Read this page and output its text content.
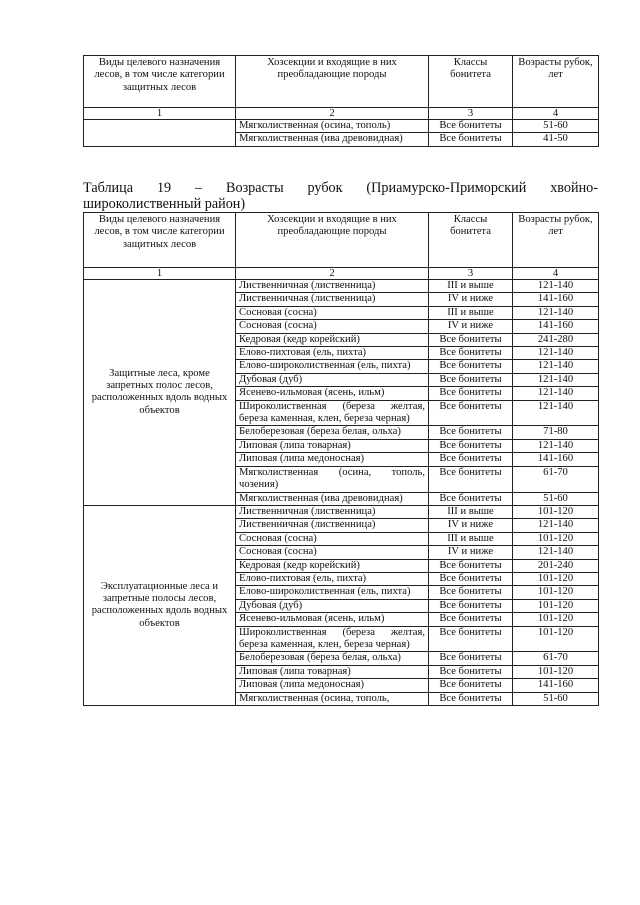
Виды целевого назначения лесов, в том числе категории защитных лесов	Хозсекции и входящие в них преобладающие породы	Классы бонитета	Возрасты рубок, лет
1	2	3	4
	Мягколиственная (осина, тополь)	Все бонитеты	51-60
	Мягколиственная (ива древовидная)	Все бонитеты	41-50

Таблица 19 – Возрасты рубок (Приамурско-Приморский хвойно-

широколиственный район)

Виды целевого назначения лесов, в том числе категории защитных лесов	Хозсекции и входящие в них преобладающие породы	Классы бонитета	Возрасты рубок, лет
1	2	3	4
Защитные леса, кроме запретных полос лесов, расположенных вдоль водных объектов	Лиственничная (лиственница)	III и выше	121-140
	Лиственничная (лиственница)	IV и ниже	141-160
	Сосновая (сосна)	III и выше	121-140
	Сосновая (сосна)	IV и ниже	141-160
	Кедровая (кедр корейский)	Все бонитеты	241-280
	Елово-пихтовая (ель, пихта)	Все бонитеты	121-140
	Елово-широколиственная (ель, пихта)	Все бонитеты	121-140
	Дубовая (дуб)	Все бонитеты	121-140
	Ясенево-ильмовая (ясень, ильм)	Все бонитеты	121-140
	Широколиственная (береза желтая, береза каменная, клен, береза черная)	Все бонитеты	121-140
	Белоберезовая (береза белая, ольха)	Все бонитеты	71-80
	Липовая (липа товарная)	Все бонитеты	121-140
	Липовая (липа медоносная)	Все бонитеты	141-160
	Мягколиственная (осина, тополь, чозения)	Все бонитеты	61-70
	Мягколиственная (ива древовидная)	Все бонитеты	51-60
Эксплуатационные леса и запретные полосы лесов, расположенных вдоль водных объектов	Лиственничная (лиственница)	III и выше	101-120
	Лиственничная (лиственница)	IV и ниже	121-140
	Сосновая (сосна)	III и выше	101-120
	Сосновая (сосна)	IV и ниже	121-140
	Кедровая (кедр корейский)	Все бонитеты	201-240
	Елово-пихтовая (ель, пихта)	Все бонитеты	101-120
	Елово-широколиственная (ель, пихта)	Все бонитеты	101-120
	Дубовая (дуб)	Все бонитеты	101-120
	Ясенево-ильмовая (ясень, ильм)	Все бонитеты	101-120
	Широколиственная (береза желтая, береза каменная, клен, береза черная)	Все бонитеты	101-120
	Белоберезовая (береза белая, ольха)	Все бонитеты	61-70
	Липовая (липа товарная)	Все бонитеты	101-120
	Липовая (липа медоносная)	Все бонитеты	141-160
	Мягколиственная (осина, тополь,	Все бонитеты	51-60
